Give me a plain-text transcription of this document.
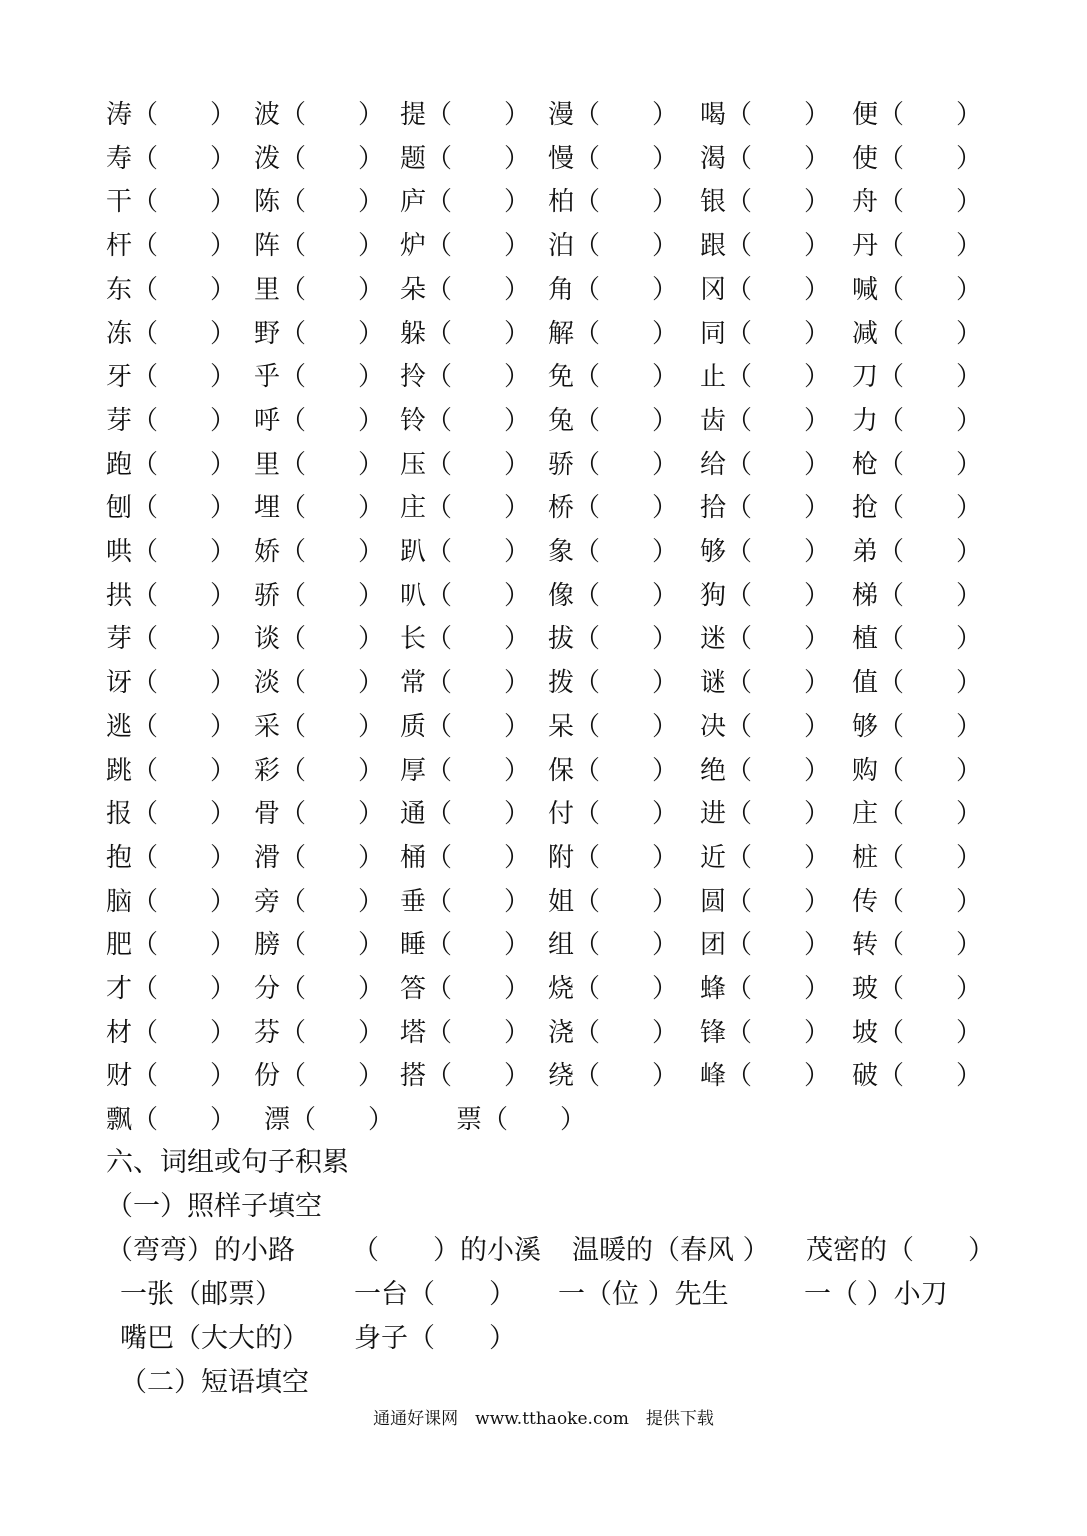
涛（　　） 波（　　） 提（　　） 漫（　　） 喝（　　） 便（　　）
寿（　　） 泼（　　） 题（　　） 慢（　　） 渴（　　） 使（　　）
干（　　） 陈（　　） 庐（　　） 柏（　　） 银（　　） 舟（　　）
杆（　　） 阵（　　） 炉（　　） 泊（　　） 跟（　　） 丹（　　）
东（　　） 里（　　） 朵（　　） 角（　　） 冈（　　） 喊（　　）
冻（　　） 野（　　） 躲（　　） 解（　　） 同（　　） 减（　　）
牙（　　） 乎（　　） 拎（　　） 免（　　） 止（　　） 刀（　　）
芽（　　） 呼（　　） 铃（　　） 兔（　　） 齿（　　） 力（　　）
跑（　　） 里（　　） 压（　　） 骄（　　） 给（　　） 枪（　　）
刨（　　） 埋（　　） 庄（　　） 桥（　　） 拾（　　） 抢（　　）
哄（　　） 娇（　　） 趴（　　） 象（　　） 够（　　） 弟（　　）
拱（　　） 骄（　　） 叭（　　） 像（　　） 狗（　　） 梯（　　）
芽（　　） 谈（　　） 长（　　） 拔（　　） 迷（　　） 植（　　）
讶（　　） 淡（　　） 常（　　） 拨（　　） 谜（　　） 值（　　）
逃（　　） 采（　　） 质（　　） 呆（　　） 决（　　） 够（　　）
跳（　　） 彩（　　） 厚（　　） 保（　　） 绝（　　） 购（　　）
报（　　） 骨（　　） 通（　　） 付（　　） 进（　　） 庄（　　）
抱（　　） 滑（　　） 桶（　　） 附（　　） 近（　　） 桩（　　）
脑（　　） 旁（　　） 垂（　　） 姐（　　） 圆（　　） 传（　　）
肥（　　） 膀（　　） 睡（　　） 组（　　） 团（　　） 转（　　）
才（　　） 分（　　） 答（　　） 烧（　　） 蜂（　　） 玻（　　）
材（　　） 芬（　　） 塔（　　） 浇（　　） 锋（　　） 坡（　　）
财（　　） 份（　　） 搭（　　） 绕（　　） 峰（　　） 破（　　）
飘（　　） 漂（　　） 票（　　）
六、词组或句子积累
（一）照样子填空
（弯弯）的小路 （　　）的小溪 温暖的（春风 ） 茂密的（　　）
一张（邮票）	一台（　　） 一（位 ）先生	一（ ）小刀
嘴巴（大大的） 身子（　　）
（二）短语填空
通通好课网　www.tthaoke.com　提供下载
